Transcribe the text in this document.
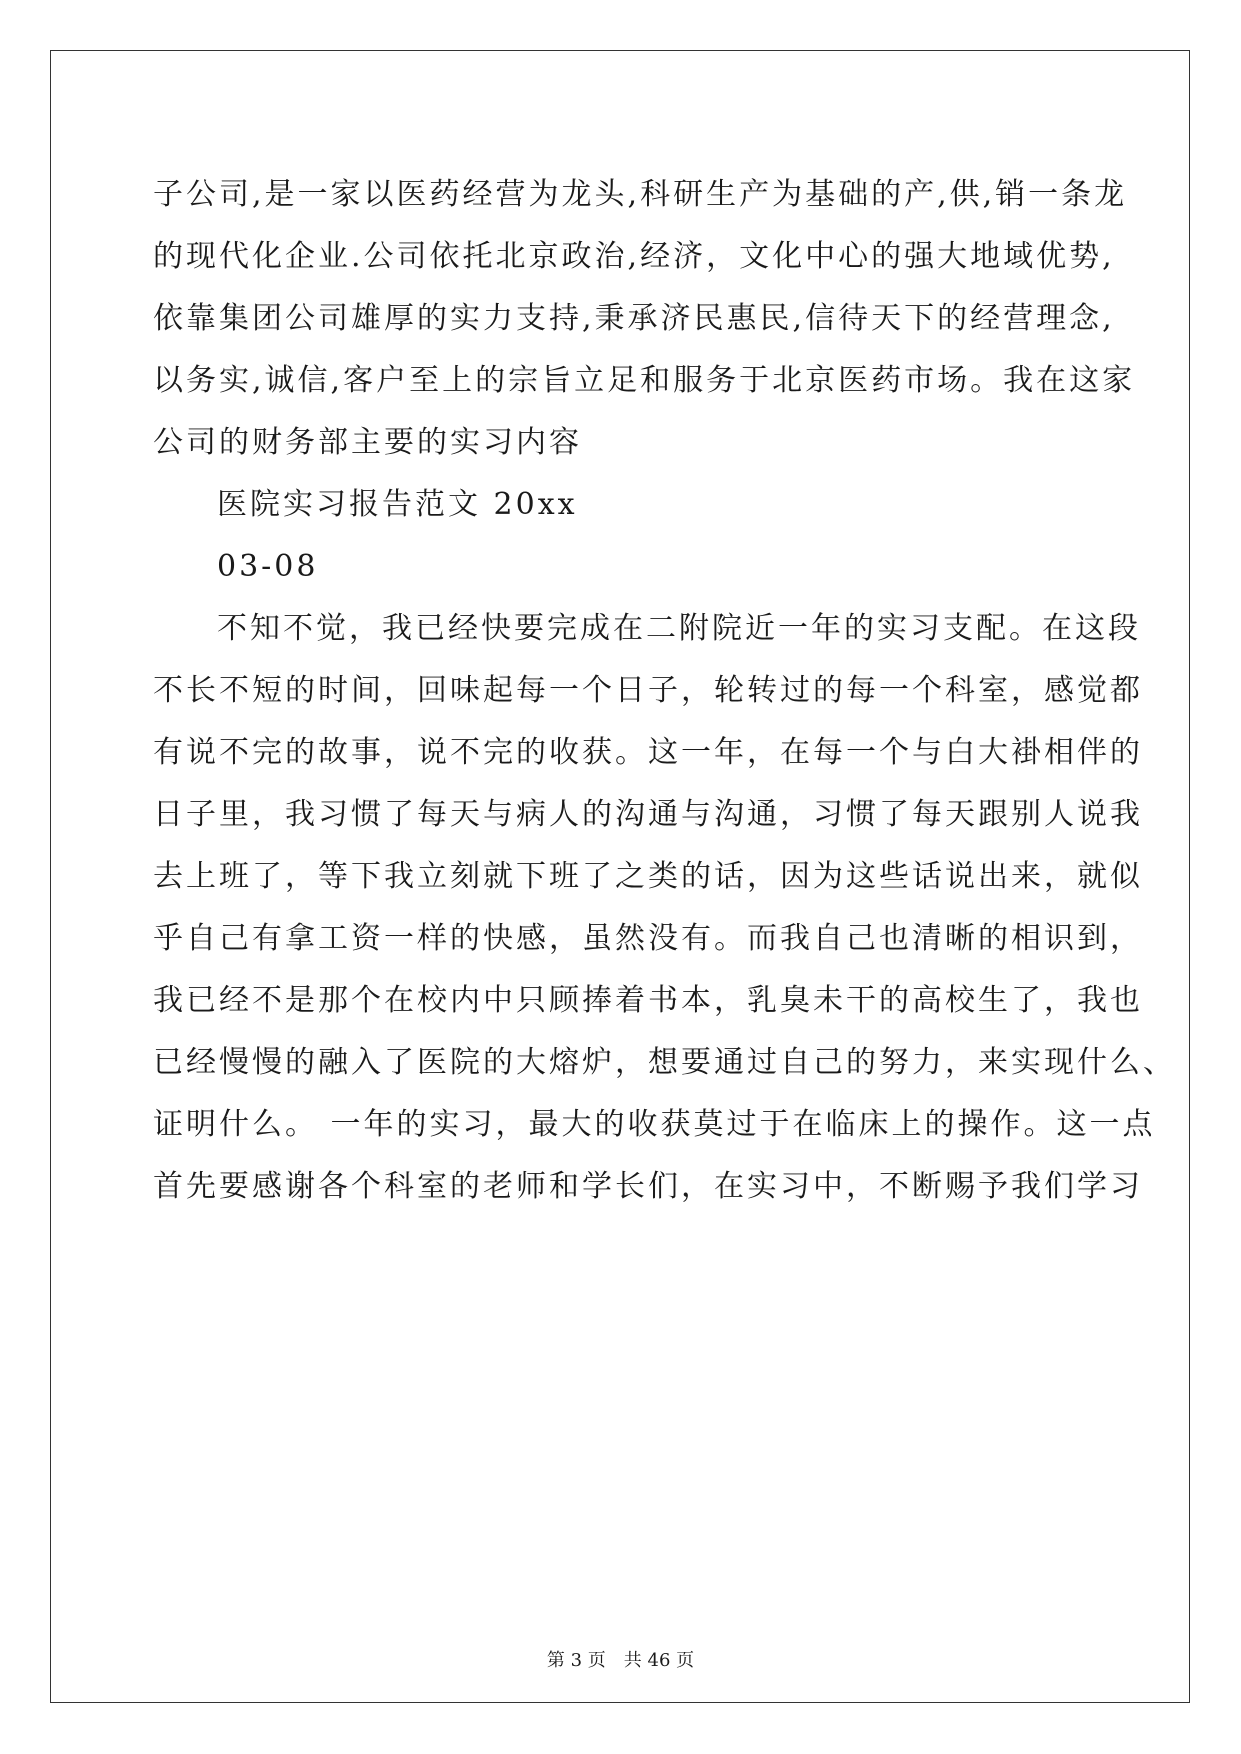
子公司,是一家以医药经营为龙头,科研生产为基础的产,供,销一条龙
的现代化企业.公司依托北京政治,经济，文化中心的强大地域优势,
依靠集团公司雄厚的实力支持,秉承济民惠民,信待天下的经营理念,
以务实,诚信,客户至上的宗旨立足和服务于北京医药市场。我在这家
公司的财务部主要的实习内容
医院实习报告范文 20xx
03-08
不知不觉，我已经快要完成在二附院近一年的实习支配。在这段
不长不短的时间，回味起每一个日子，轮转过的每一个科室，感觉都
有说不完的故事，说不完的收获。这一年，在每一个与白大褂相伴的
日子里，我习惯了每天与病人的沟通与沟通，习惯了每天跟别人说我
去上班了，等下我立刻就下班了之类的话，因为这些话说出来，就似
乎自己有拿工资一样的快感，虽然没有。而我自己也清晰的相识到，
我已经不是那个在校内中只顾捧着书本，乳臭未干的高校生了，我也
已经慢慢的融入了医院的大熔炉，想要通过自己的努力，来实现什么、
证明什么。 一年的实习，最大的收获莫过于在临床上的操作。这一点
首先要感谢各个科室的老师和学长们，在实习中，不断赐予我们学习
第 3 页 共 46 页
